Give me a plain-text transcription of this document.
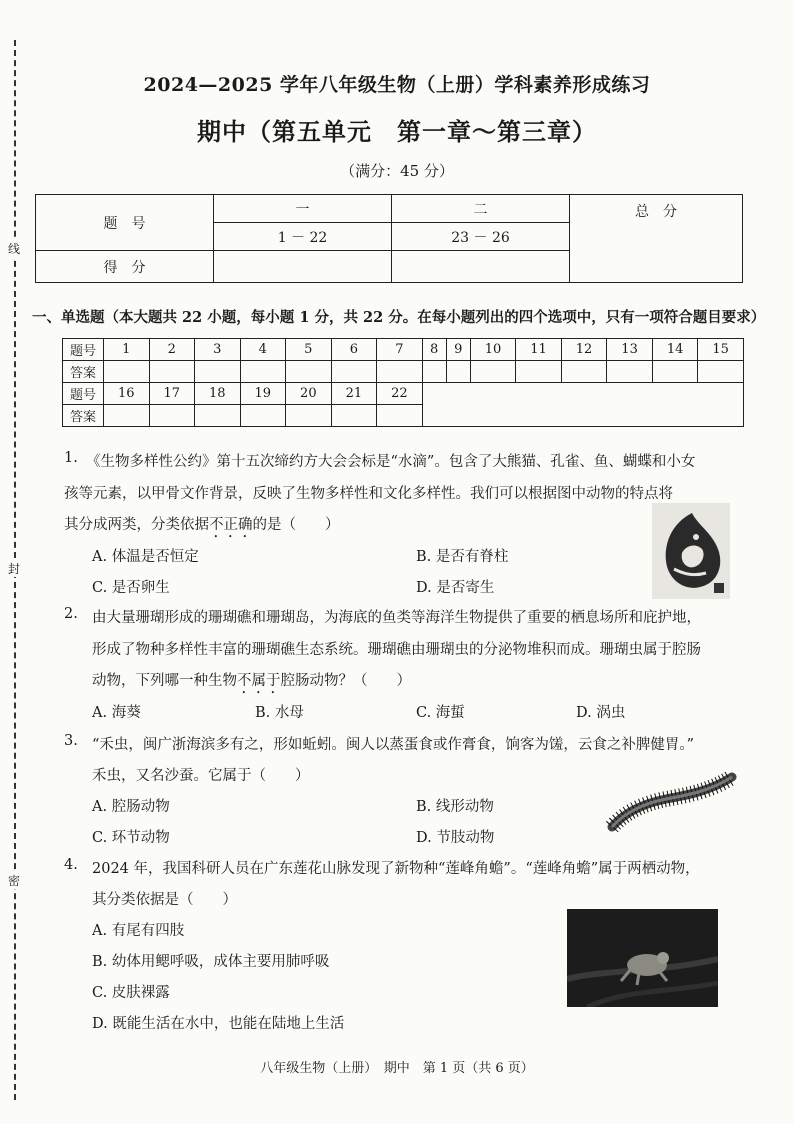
线
封
密
2024—2025 学年八年级生物（上册）学科素养形成练习
期中（第五单元　第一章～第三章）
（满分：45 分）
题　号	一	二	总　分
	1 － 22	23 － 26	
得　分			
一、单选题（本大题共 22 小题，每小题 1 分，共 22 分。在每小题列出的四个选项中，只有一项符合题目要求）
题号	1	2	3	4	5	6	7	8	9	10	11	12	13	14	15
答案															
题号	16	17	18	19	20	21	22								
答案															
1. 《生物多样性公约》第十五次缔约方大会会标是“水滴”。包含了大熊猫、孔雀、鱼、蝴蝶和小女
孩等元素，以甲骨文作背景，反映了生物多样性和文化多样性。我们可以根据图中动物的特点将
其分成两类，分类依据不正确的是（　　）
A. 体温是否恒定	B. 是否有脊柱
C. 是否卵生	D. 是否寄生
2. 由大量珊瑚形成的珊瑚礁和珊瑚岛，为海底的鱼类等海洋生物提供了重要的栖息场所和庇护地，
形成了物种多样性丰富的珊瑚礁生态系统。珊瑚礁由珊瑚虫的分泌物堆积而成。珊瑚虫属于腔肠
动物，下列哪一种生物不属于腔肠动物？（　　）
A. 海葵	B. 水母	C. 海蜇	D. 涡虫
3. “禾虫，闽广浙海滨多有之，形如蚯蚓。闽人以蒸蛋食或作膏食，饷客为馐，云食之补脾健胃。”
禾虫，又名沙蚕。它属于（　　）
A. 腔肠动物	B. 线形动物
C. 环节动物	D. 节肢动物
4. 2024 年，我国科研人员在广东莲花山脉发现了新物种“莲峰角蟾”。“莲峰角蟾”属于两栖动物，
其分类依据是（　　）
A. 有尾有四肢
B. 幼体用鳃呼吸，成体主要用肺呼吸
C. 皮肤裸露
D. 既能生活在水中，也能在陆地上生活
八年级生物（上册）　期中　第 1 页（共 6 页）
